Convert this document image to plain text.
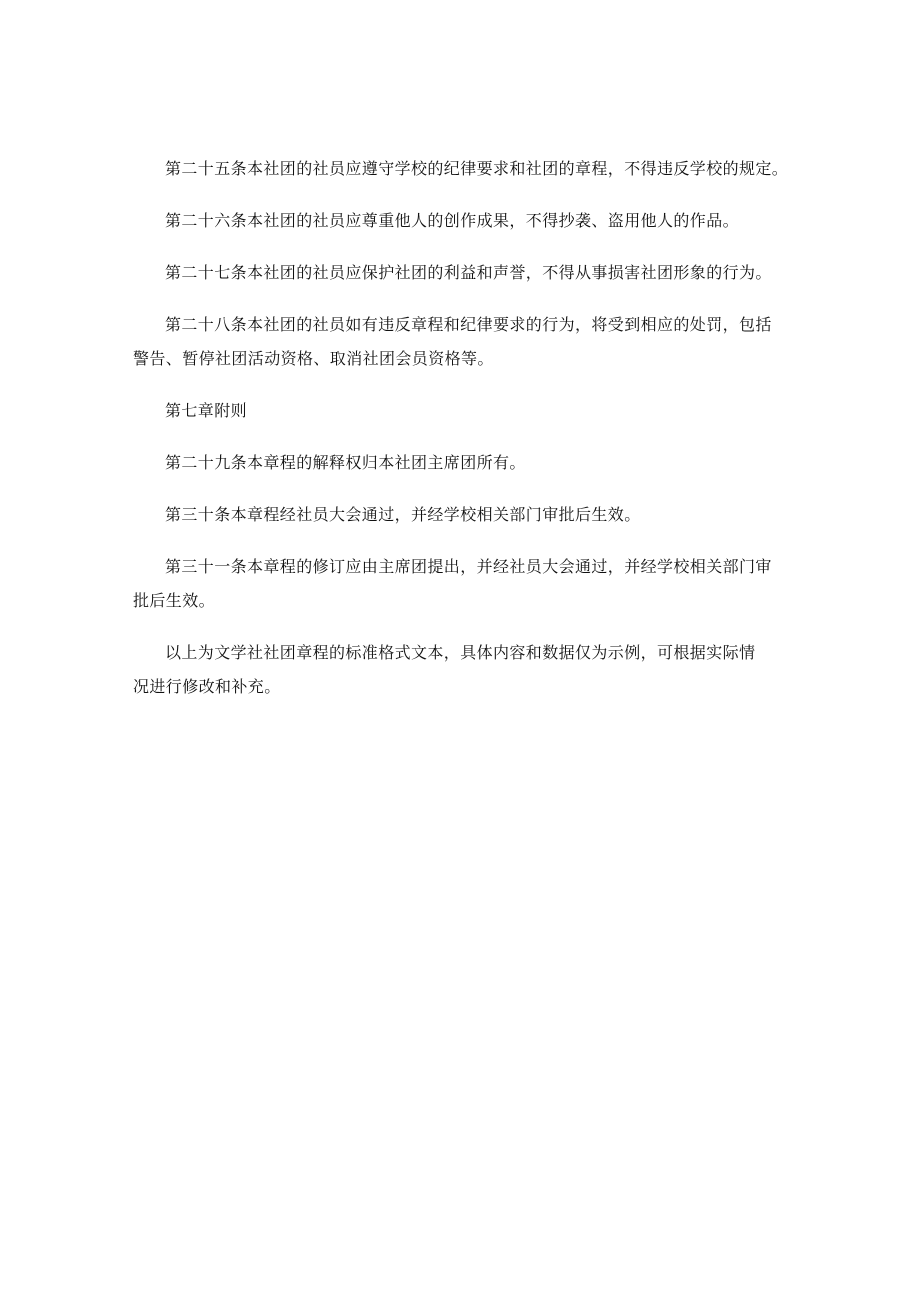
第二十五条本社团的社员应遵守学校的纪律要求和社团的章程，不得违反学校的规定。

第二十六条本社团的社员应尊重他人的创作成果，不得抄袭、盗用他人的作品。

第二十七条本社团的社员应保护社团的利益和声誉，不得从事损害社团形象的行为。

第二十八条本社团的社员如有违反章程和纪律要求的行为，将受到相应的处罚，包括
警告、暂停社团活动资格、取消社团会员资格等。

第七章附则

第二十九条本章程的解释权归本社团主席团所有。

第三十条本章程经社员大会通过，并经学校相关部门审批后生效。

第三十一条本章程的修订应由主席团提出，并经社员大会通过，并经学校相关部门审
批后生效。

以上为文学社社团章程的标准格式文本，具体内容和数据仅为示例，可根据实际情
况进行修改和补充。
